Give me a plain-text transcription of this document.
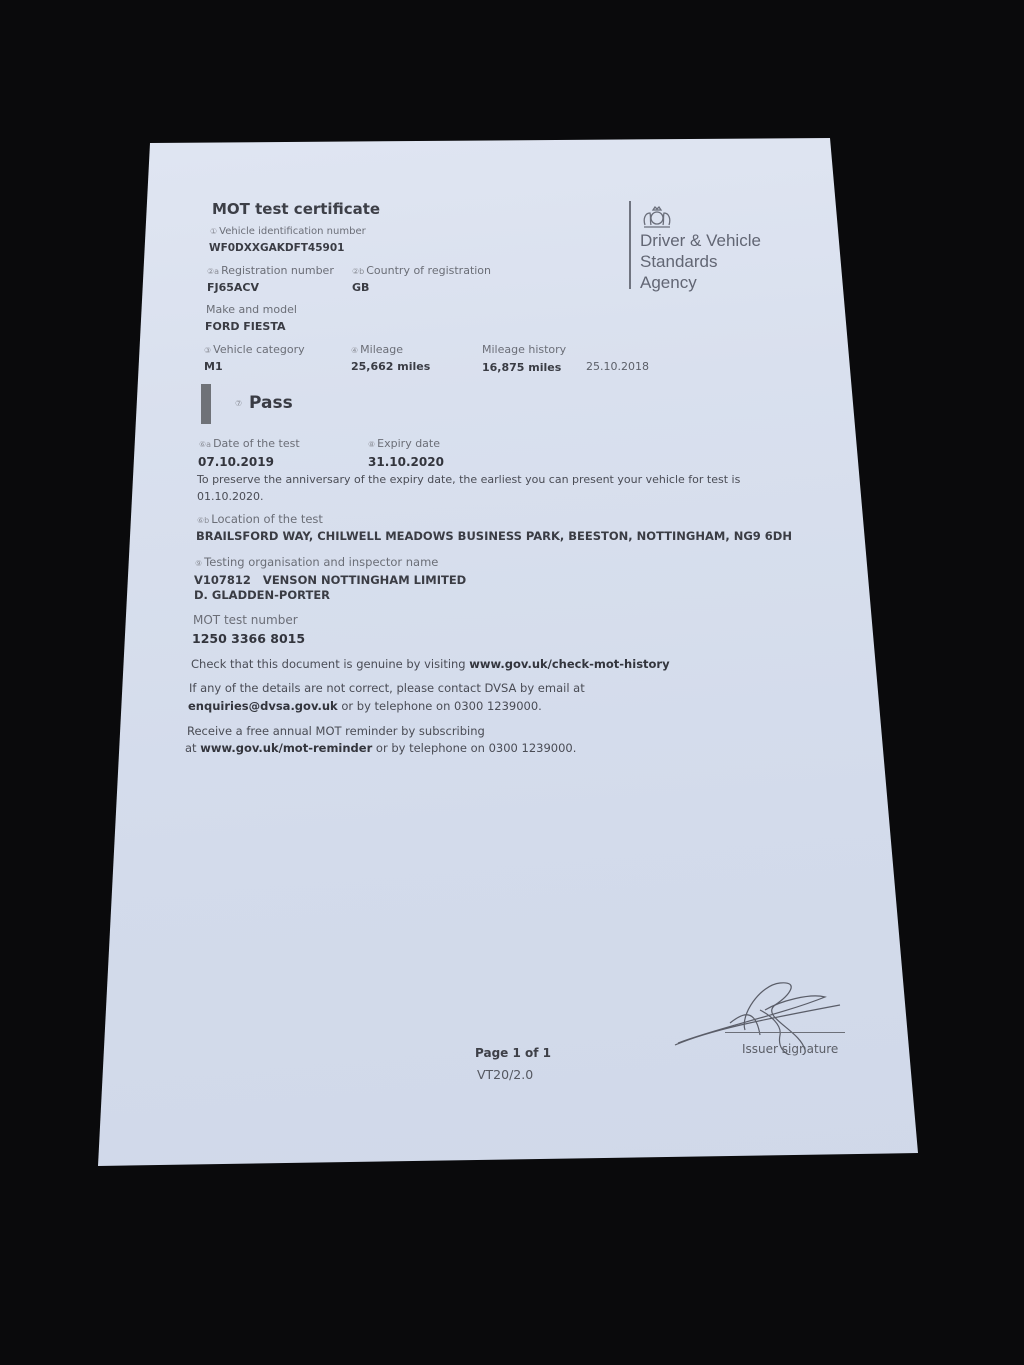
MOT test certificate
① Vehicle identification number
WF0DXXGAKDFT45901
②a Registration number
FJ65ACV
②b Country of registration
GB
Make and model
FORD FIESTA
③ Vehicle category
M1
④ Mileage
25,662 miles
Mileage history
16,875 miles 25.10.2018
⑦ Pass
⑥a Date of the test
07.10.2019
⑧ Expiry date
31.10.2020
To preserve the anniversary of the expiry date, the earliest you can present your vehicle for test is
01.10.2020.
⑥b Location of the test
BRAILSFORD WAY, CHILWELL MEADOWS BUSINESS PARK, BEESTON, NOTTINGHAM, NG9 6DH
⑨ Testing organisation and inspector name
V107812   VENSON NOTTINGHAM LIMITED
D. GLADDEN-PORTER
MOT test number
1250 3366 8015
Check that this document is genuine by visiting www.gov.uk/check-mot-history
If any of the details are not correct, please contact DVSA by email at
enquiries@dvsa.gov.uk or by telephone on 0300 1239000.
Receive a free annual MOT reminder by subscribing
at www.gov.uk/mot-reminder or by telephone on 0300 1239000.
Driver & Vehicle
Standards
Agency
Page 1 of 1
VT20/2.0
Issuer signature
